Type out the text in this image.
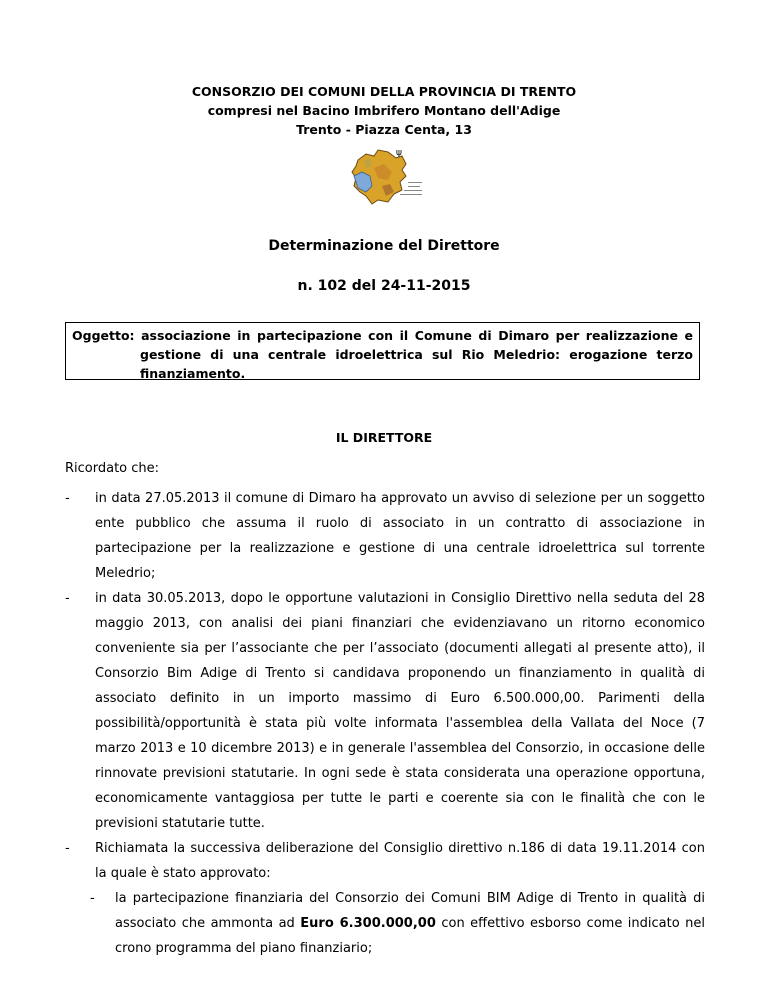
CONSORZIO DEI COMUNI DELLA PROVINCIA DI TRENTO
compresi nel Bacino Imbrifero Montano dell'Adige
Trento - Piazza Centa, 13
ψ
Determinazione del Direttore
n. 102 del 24-11-2015
Oggetto: associazione in partecipazione con il Comune di Dimaro per realizzazione e
gestione di una centrale idroelettrica sul Rio Meledrio: erogazione terzo
finanziamento.
IL DIRETTORE
Ricordato che:
- in data 27.05.2013 il comune di Dimaro ha approvato un avviso di selezione per un soggetto ente pubblico che assuma il ruolo di associato in un contratto di associazione in partecipazione per la realizzazione e gestione di una centrale idroelettrica sul torrente Meledrio;
- in data 30.05.2013, dopo le opportune valutazioni in Consiglio Direttivo nella seduta del 28 maggio 2013, con analisi dei piani finanziari che evidenziavano un ritorno economico conveniente sia per l’associante che per l’associato (documenti allegati al presente atto), il Consorzio Bim Adige di Trento si candidava proponendo un finanziamento in qualità di associato definito in un importo massimo di Euro 6.500.000,00. Parimenti della possibilità/opportunità è stata più volte informata l'assemblea della Vallata del Noce (7 marzo 2013 e 10 dicembre 2013) e in generale l'assemblea del Consorzio, in occasione delle rinnovate previsioni statutarie. In ogni sede è stata considerata una operazione opportuna, economicamente vantaggiosa per tutte le parti e coerente sia con le finalità che con le previsioni statutarie tutte.
- Richiamata la successiva deliberazione del Consiglio direttivo n.186 di data 19.11.2014 con la quale è stato approvato:
- la partecipazione finanziaria del Consorzio dei Comuni BIM Adige di Trento in qualità di associato che ammonta ad Euro 6.300.000,00 con effettivo esborso come indicato nel crono programma del piano finanziario;
